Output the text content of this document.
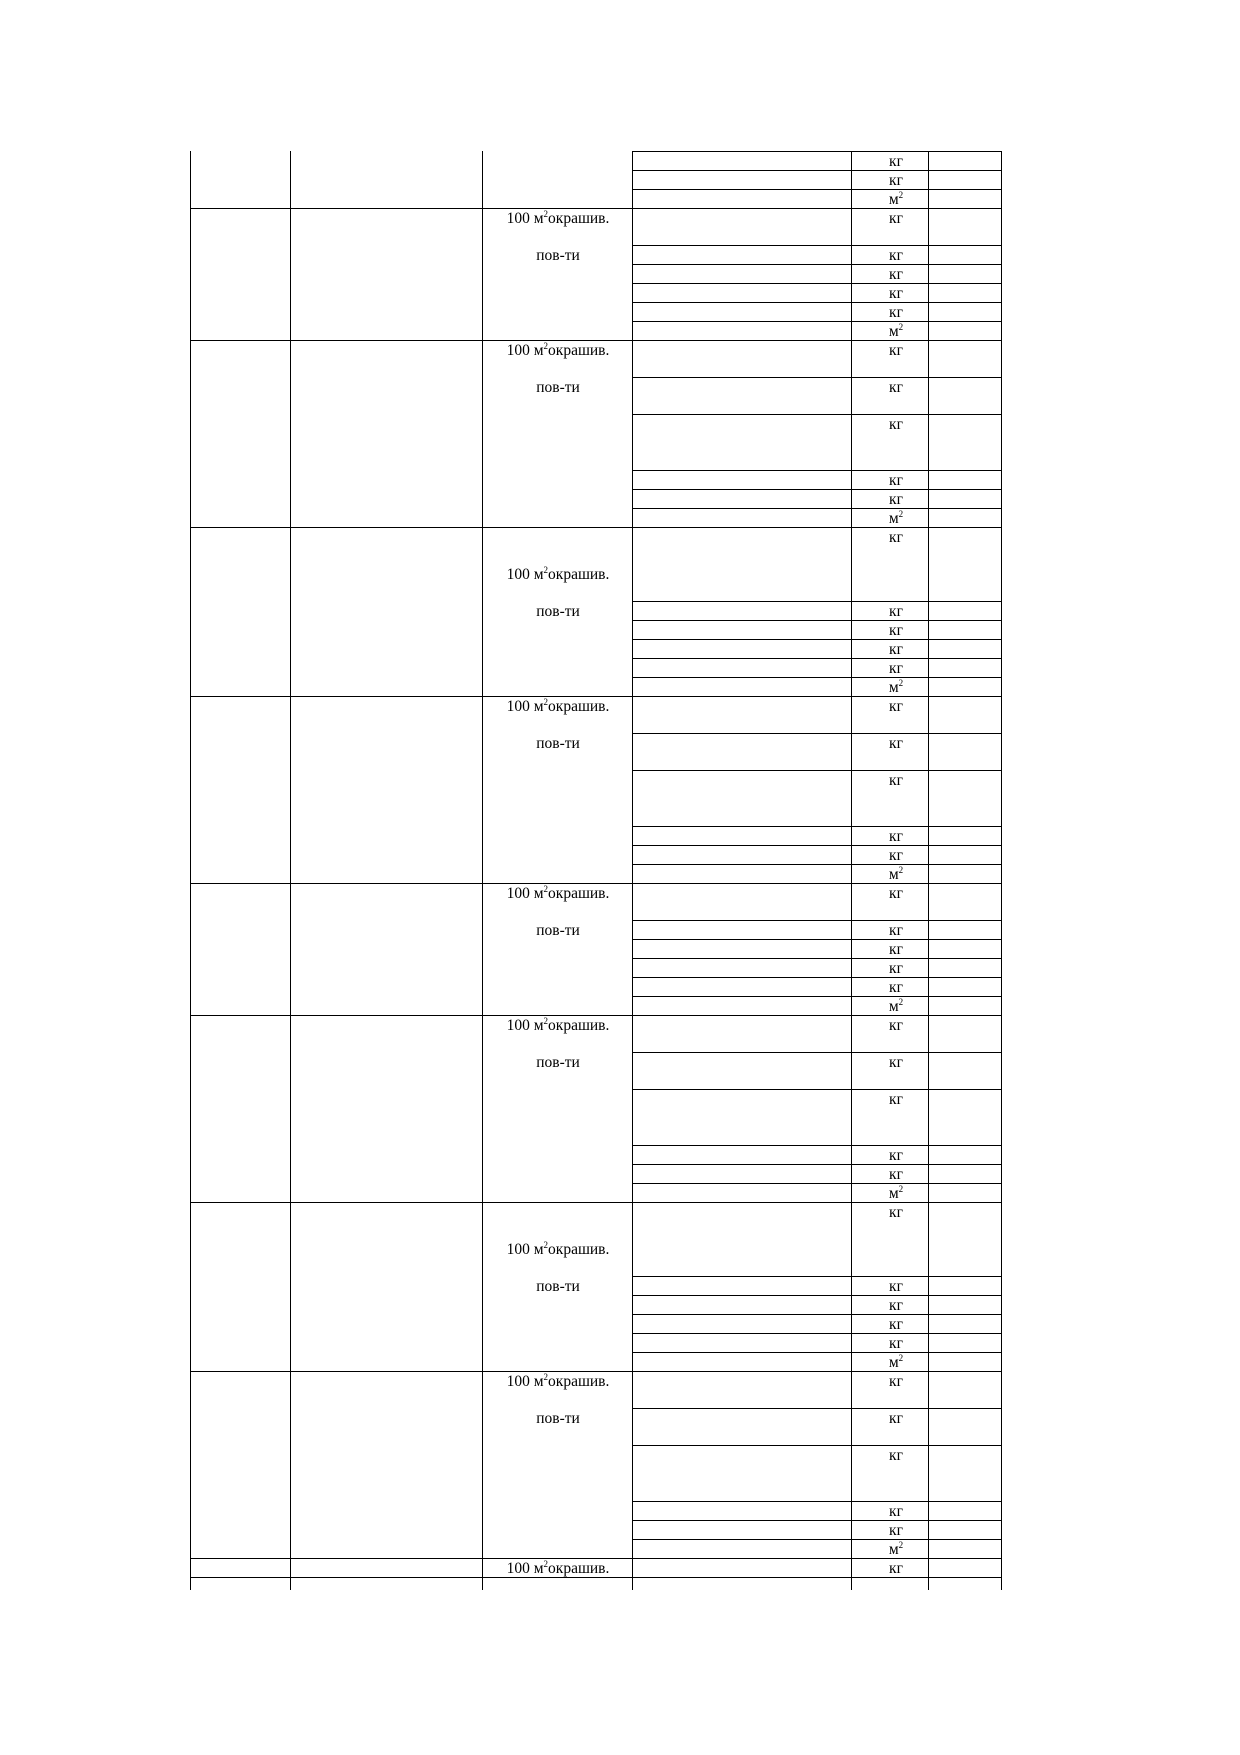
кг
кг
$м^2$
кг
100 $м^2окрашив$.
кг
пов-ти
кг
кг
кг
$м^2$
кг
100 $м^2окрашив$.
кг
пов-ти
кг
кг
кг
$м^2$
кг
100 $м^2окрашив$.
кг
пов-ти
кг
кг
кг
$м^2$
кг
100 $м^2окрашив$.
кг
пов-ти
кг
кг
кг
$м^2$
кг
100 $м^2окрашив$.
кг
пов-ти
кг
кг
кг
$м^2$
кг
100 $м^2окрашив$.
кг
пов-ти
кг
кг
кг
$м^2$
кг
100 $м^2окрашив$.
кг
пов-ти
кг
кг
кг
$м^2$
кг
100 $м^2окрашив$.
кг
пов-ти
кг
кг
кг
$м^2$
кг
100 $м^2окрашив$.
